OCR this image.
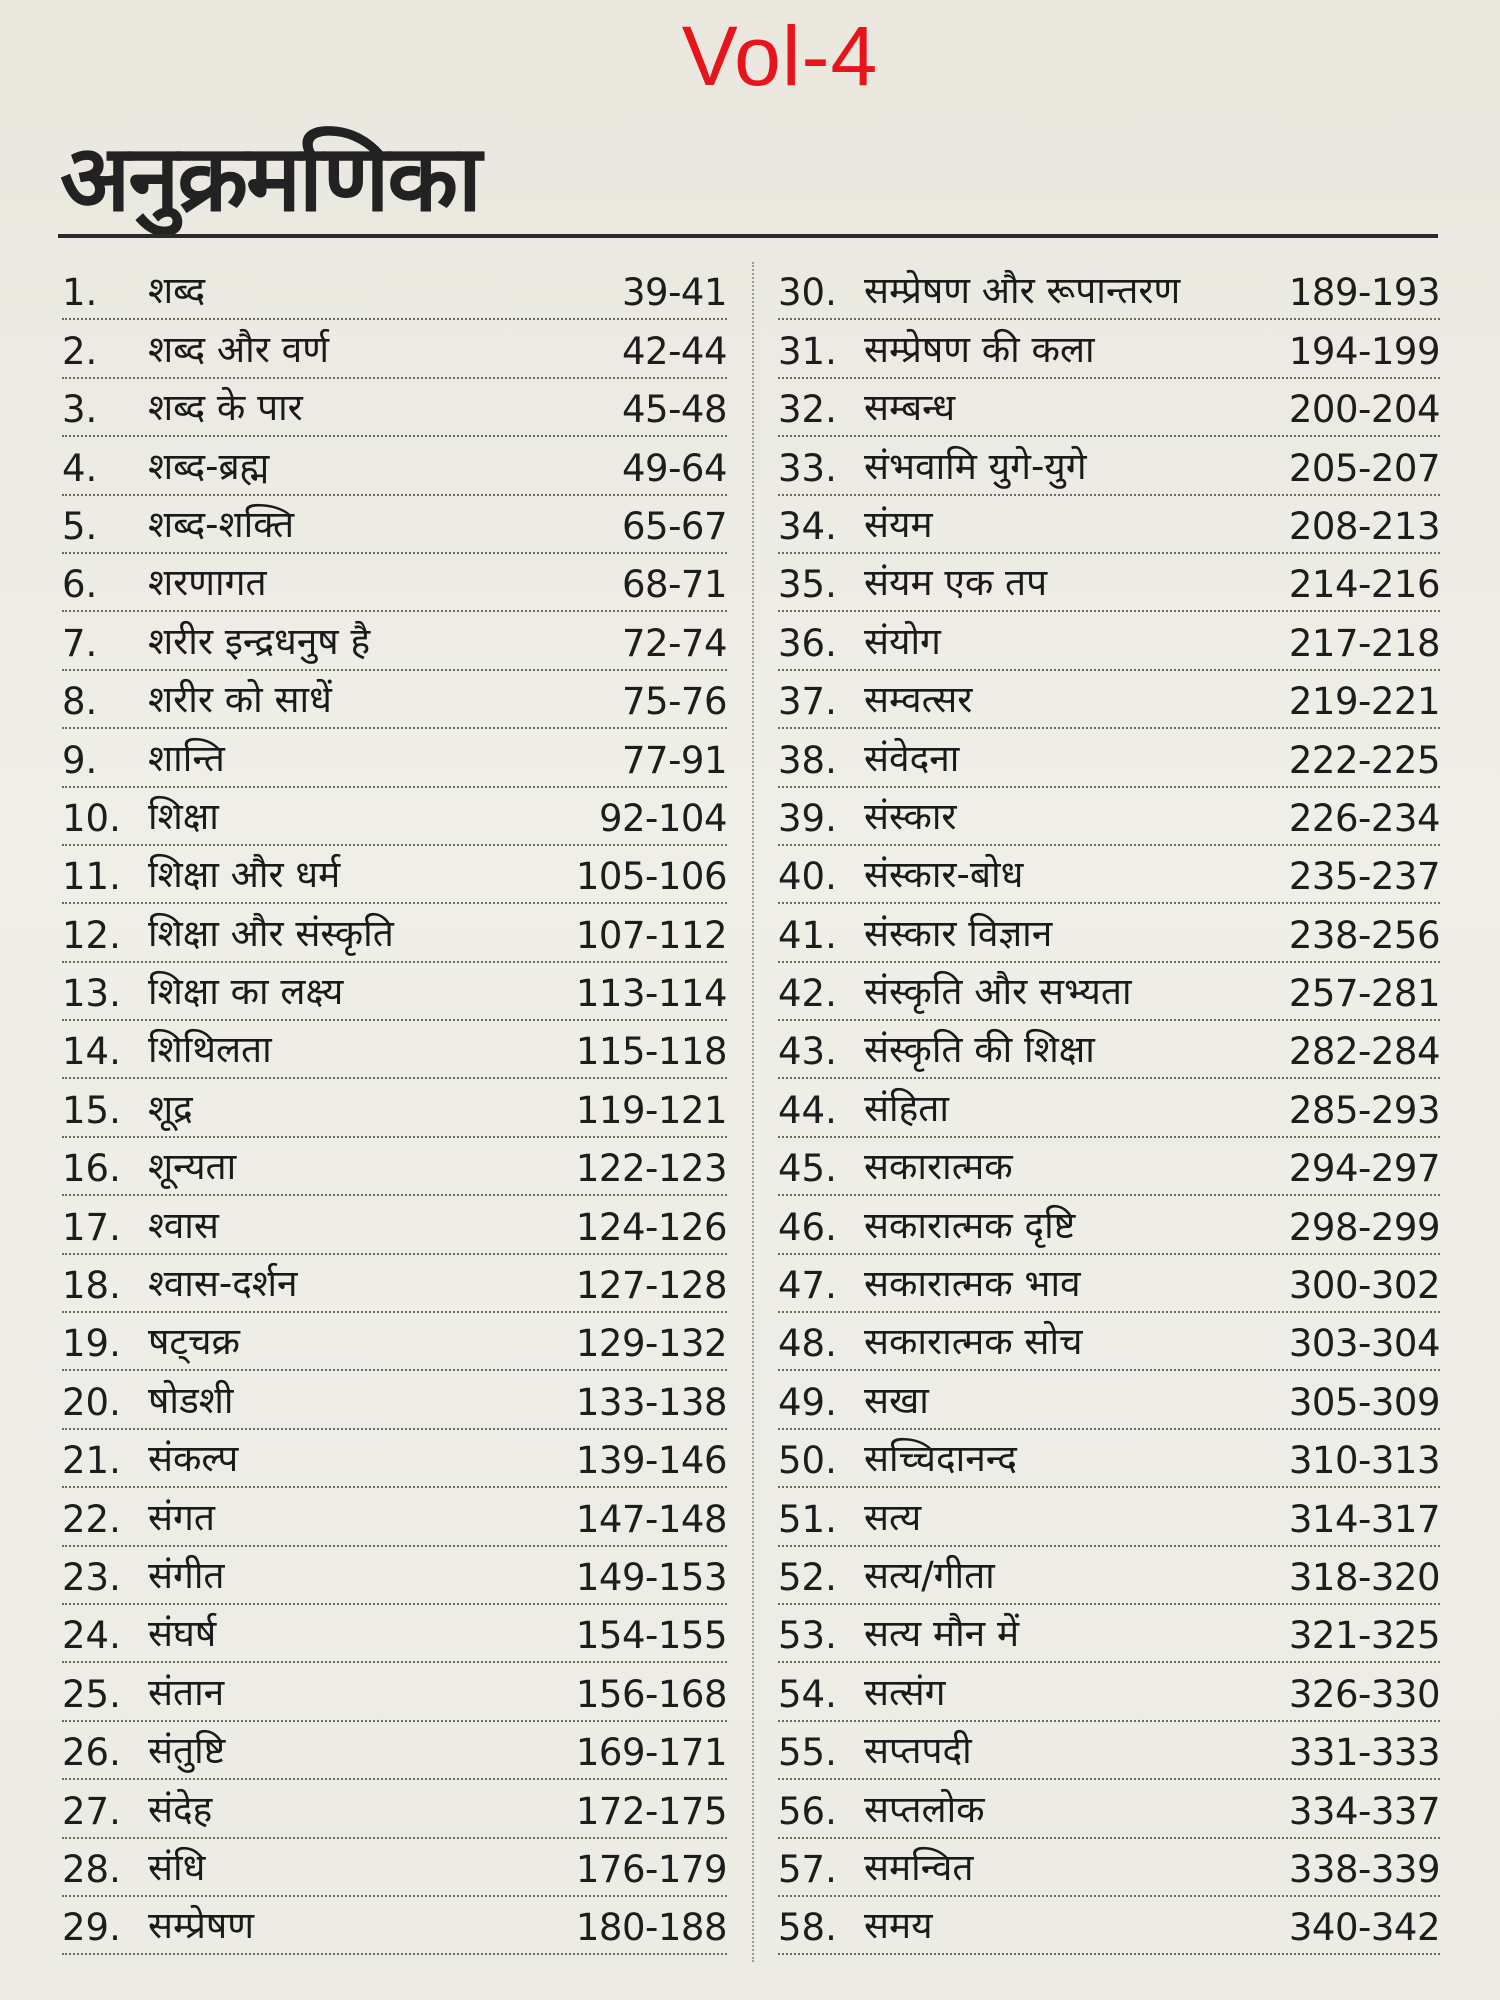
Vol-4
अनुक्रमणिका
1.	शब्द	39-41
2.	शब्द और वर्ण	42-44
3.	शब्द के पार	45-48
4.	शब्द-ब्रह्म	49-64
5.	शब्द-शक्ति	65-67
6.	शरणागत	68-71
7.	शरीर इन्द्रधनुष है	72-74
8.	शरीर को साधें	75-76
9.	शान्ति	77-91
10. शिक्षा	92-104
11. शिक्षा और धर्म	105-106
12. शिक्षा और संस्कृति	107-112
13. शिक्षा का लक्ष्य	113-114
14. शिथिलता	115-118
15. शूद्र	119-121
16. शून्यता	122-123
17. श्वास	124-126
18. श्वास-दर्शन	127-128
19. षट्चक्र	129-132
20. षोडशी	133-138
21. संकल्प	139-146
22. संगत	147-148
23. संगीत	149-153
24. संघर्ष	154-155
25. संतान	156-168
26. संतुष्टि	169-171
27. संदेह	172-175
28. संधि	176-179
29. सम्प्रेषण	180-188
30. सम्प्रेषण और रूपान्तरण	189-193
31. सम्प्रेषण की कला	194-199
32. सम्बन्ध	200-204
33. संभवामि युगे-युगे	205-207
34. संयम	208-213
35. संयम एक तप	214-216
36. संयोग	217-218
37. सम्वत्सर	219-221
38. संवेदना	222-225
39. संस्कार	226-234
40. संस्कार-बोध	235-237
41. संस्कार विज्ञान	238-256
42. संस्कृति और सभ्यता	257-281
43. संस्कृति की शिक्षा	282-284
44. संहिता	285-293
45. सकारात्मक	294-297
46. सकारात्मक दृष्टि	298-299
47. सकारात्मक भाव	300-302
48. सकारात्मक सोच	303-304
49. सखा	305-309
50. सच्चिदानन्द	310-313
51. सत्य	314-317
52. सत्य/गीता	318-320
53. सत्य मौन में	321-325
54. सत्संग	326-330
55. सप्तपदी	331-333
56. सप्तलोक	334-337
57. समन्वित	338-339
58. समय	340-342
